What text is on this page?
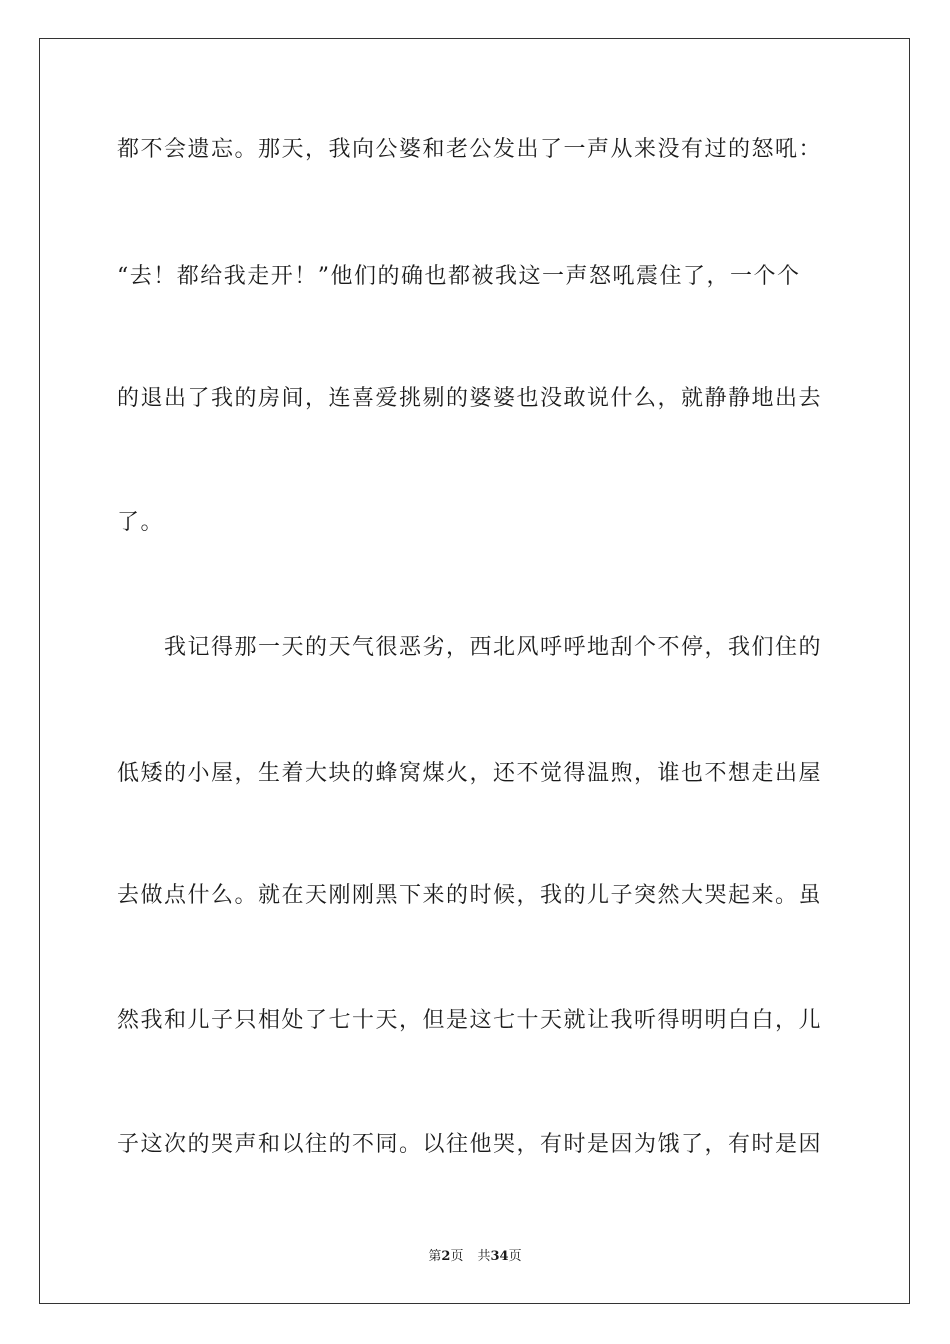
都不会遗忘。那天，我向公婆和老公发出了一声从来没有过的怒吼：
“去！都给我走开！”他们的确也都被我这一声怒吼震住了，一个个
的退出了我的房间，连喜爱挑剔的婆婆也没敢说什么，就静静地出去
了。
我记得那一天的天气很恶劣，西北风呼呼地刮个不停，我们住的
低矮的小屋，生着大块的蜂窝煤火，还不觉得温煦，谁也不想走出屋
去做点什么。就在天刚刚黑下来的时候，我的儿子突然大哭起来。虽
然我和儿子只相处了七十天，但是这七十天就让我听得明明白白，儿
子这次的哭声和以往的不同。以往他哭，有时是因为饿了，有时是因
第2页 共34页
